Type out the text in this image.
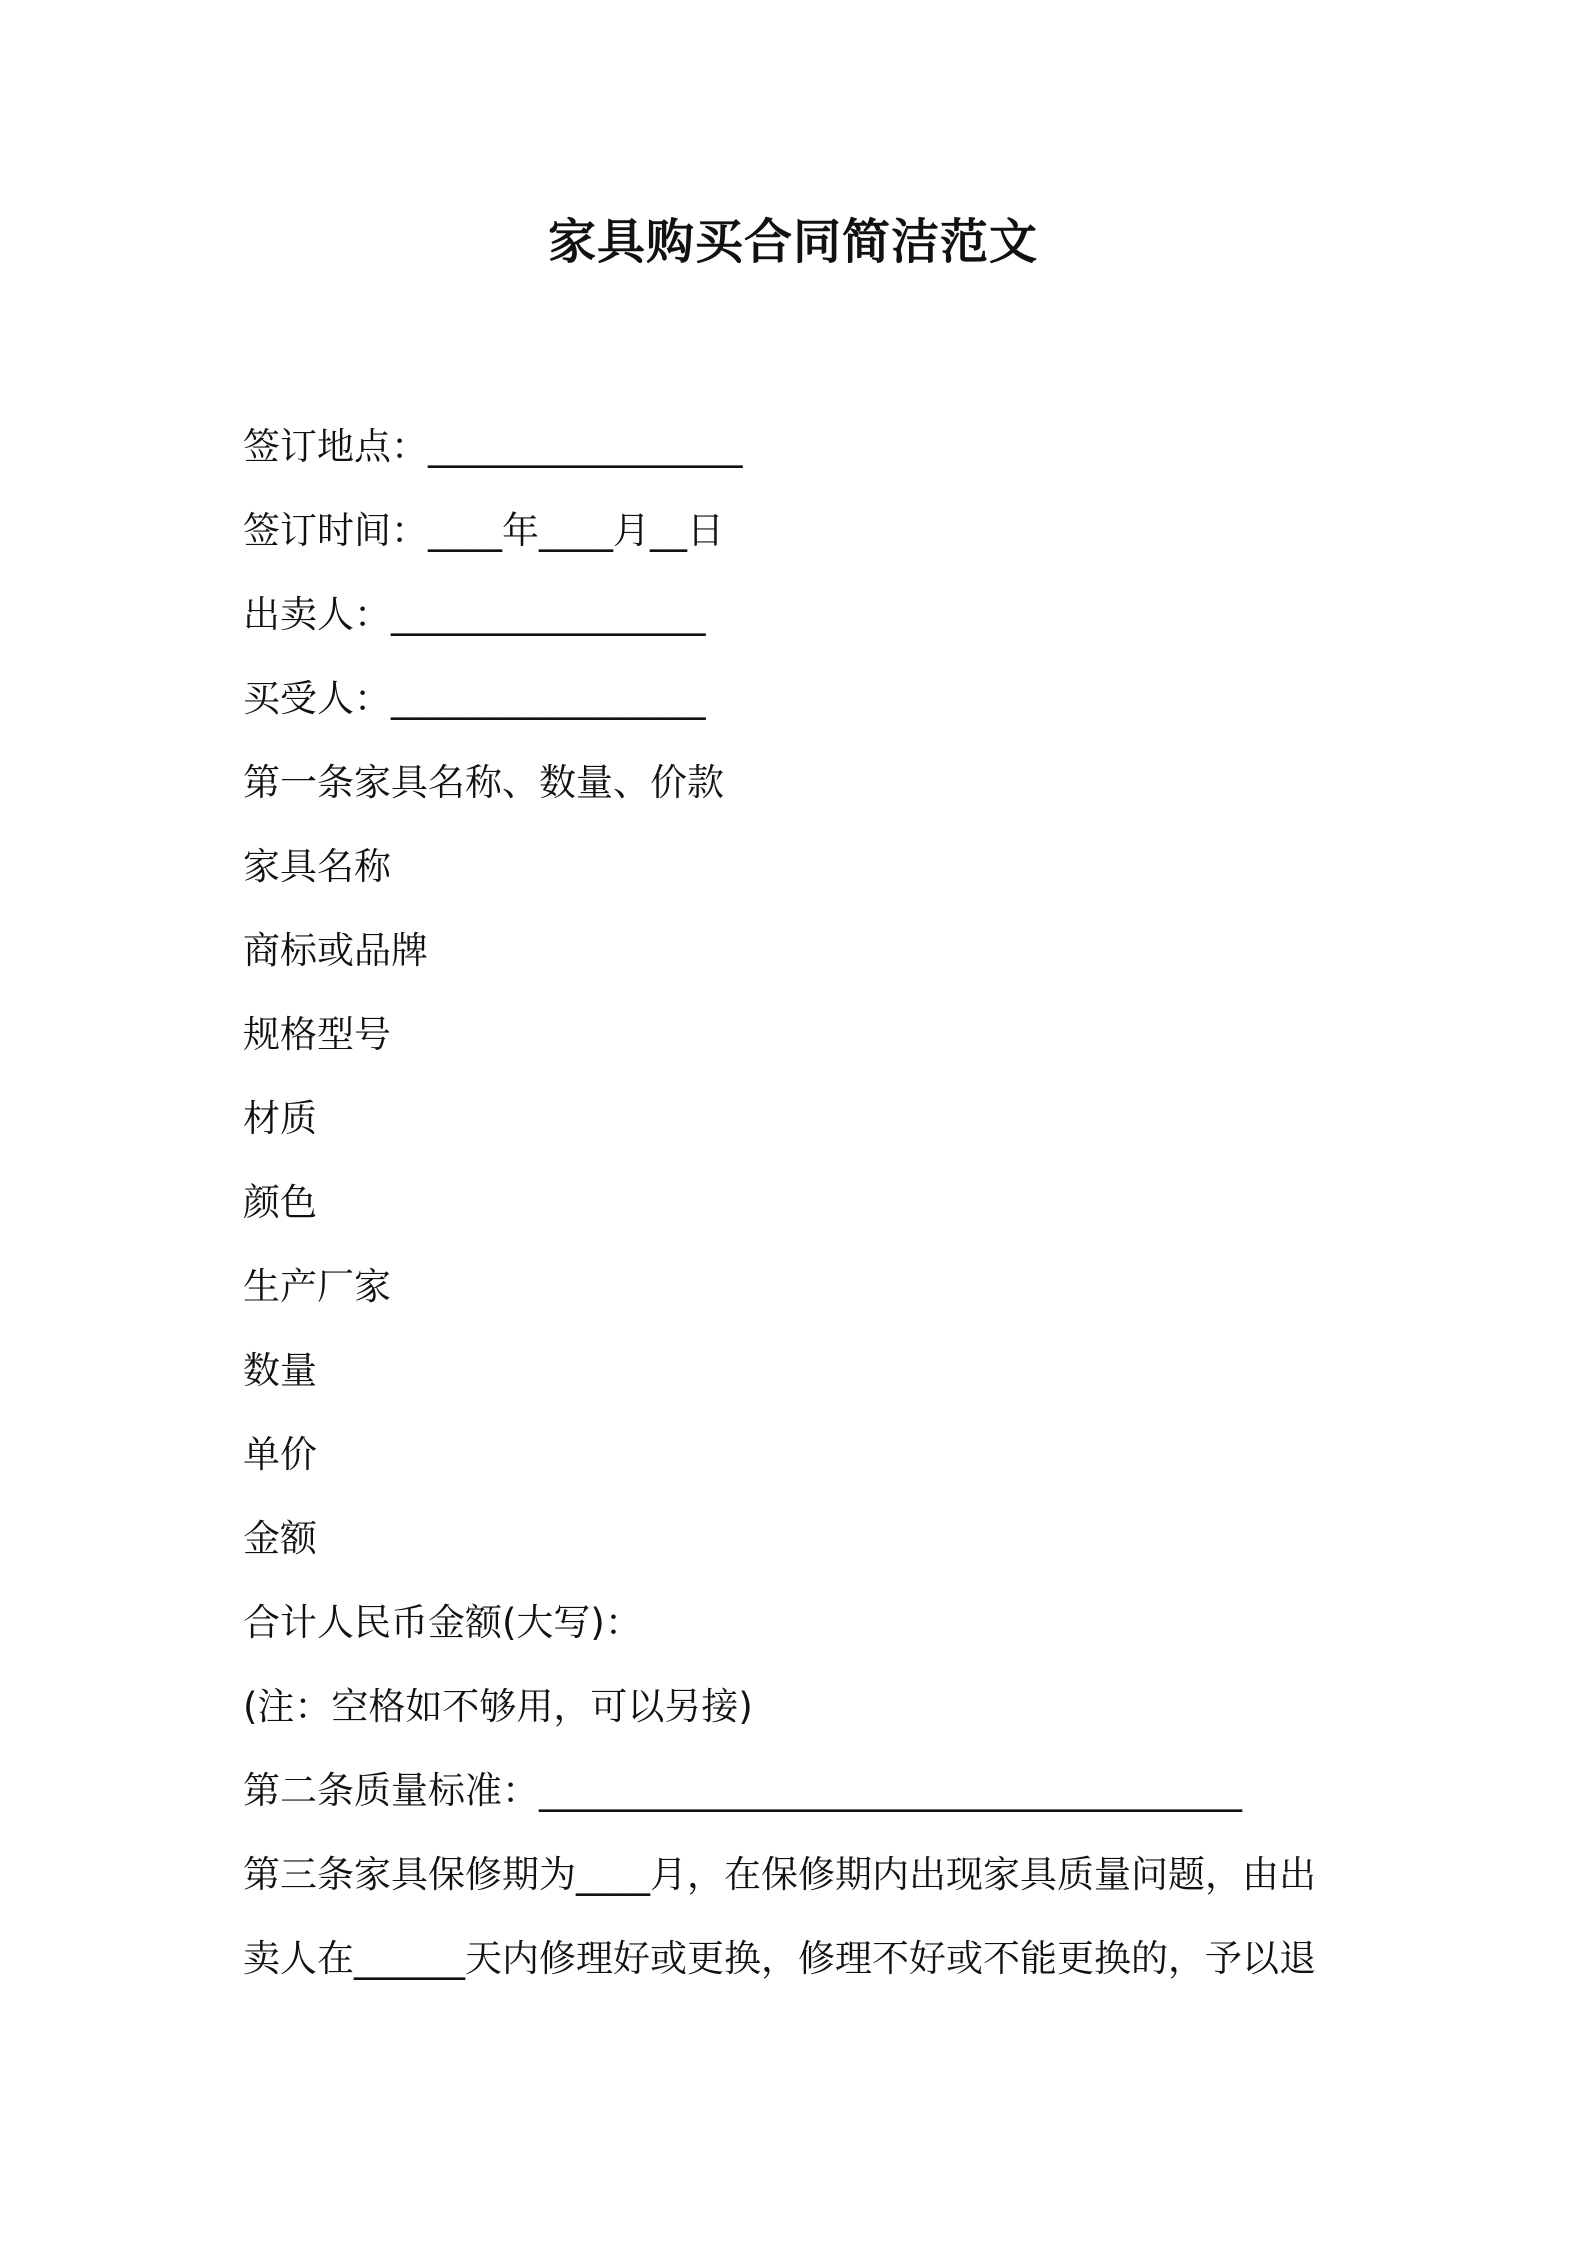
家具购买合同简洁范文

签订地点：_________________

签订时间：____年____月__日

出卖人：_________________

买受人：_________________

第一条家具名称、数量、价款

家具名称

商标或品牌

规格型号

材质

颜色

生产厂家

数量

单价

金额

合计人民币金额(大写)：

(注：空格如不够用，可以另接)

第二条质量标准：______________________________________

第三条家具保修期为____月，在保修期内出现家具质量问题，由出

卖人在______天内修理好或更换，修理不好或不能更换的，予以退
